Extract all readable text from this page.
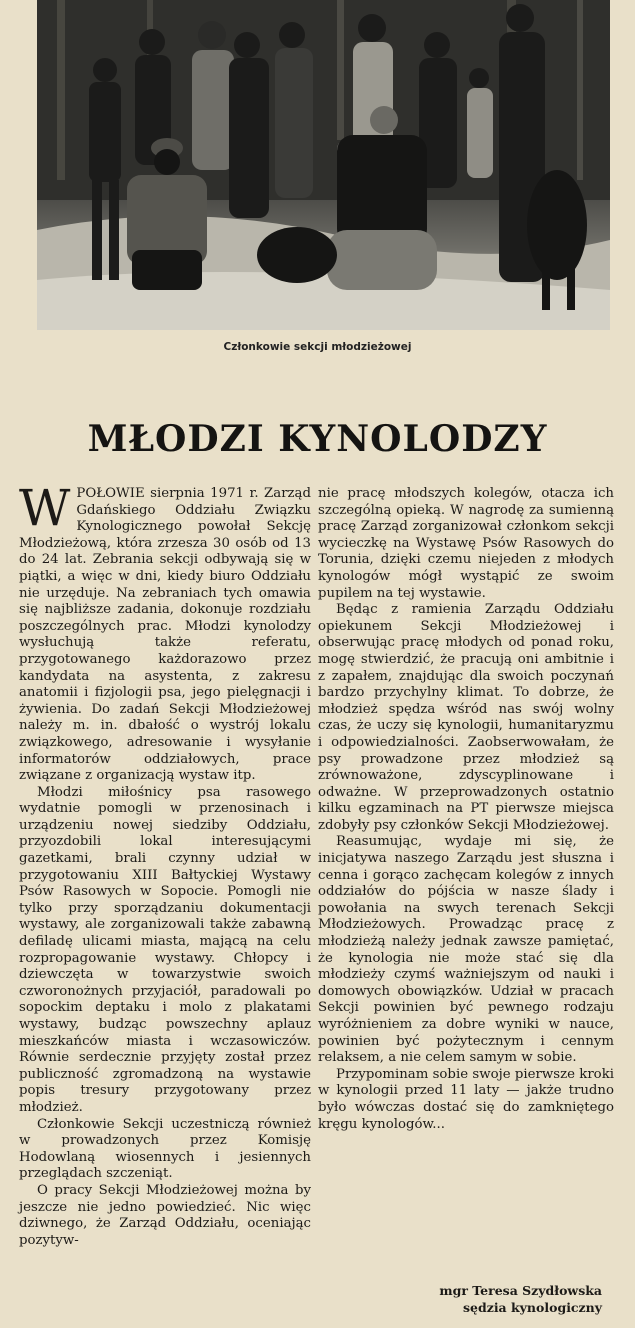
Członkowie sekcji młodzieżowej
MŁODZI KYNOLODZY

WPOŁOWIE sierpnia 1971 r. Zarząd Gdańskiego Oddziału Związku Kynologicznego powołał Sekcję Młodzieżową, która zrzesza 30 osób od 13 do 24 lat. Zebrania sekcji odbywają się w piątki, a więc w dni, kiedy biuro Oddziału nie urzęduje. Na zebraniach tych omawia się najbliższe zadania, dokonuje rozdziału poszczególnych prac. Młodzi kynolodzy wysłuchują także referatu, przygotowanego każdorazowo przez kandydata na asystenta, z zakresu anatomii i fizjologii psa, jego pielęgnacji i żywienia. Do zadań Sekcji Młodzieżowej należy m. in. dbałość o wystrój lokalu związkowego, adresowanie i wysyłanie informatorów oddziałowych, prace związane z organizacją wystaw itp.

Młodzi miłośnicy psa rasowego wydatnie pomogli w przenosinach i urządzeniu nowej siedziby Oddziału, przyozdobili lokal interesującymi gazetkami, brali czynny udział w przygotowaniu XIII Bałtyckiej Wystawy Psów Rasowych w Sopocie. Pomogli nie tylko przy sporządzaniu dokumentacji wystawy, ale zorganizowali także zabawną defiladę ulicami miasta, mającą na celu rozpropagowanie wystawy. Chłopcy i dziewczęta w towarzystwie swoich czworonożnych przyjaciół, paradowali po sopockim deptaku i molo z plakatami wystawy, budząc powszechny aplauz mieszkańców miasta i wczasowiczów. Równie serdecznie przyjęty został przez publiczność zgromadzoną na wystawie popis tresury przygotowany przez młodzież.

Członkowie Sekcji uczestniczą również w prowadzonych przez Komisję Hodowlaną wiosennych i jesiennych przeglądach szczeniąt.

O pracy Sekcji Młodzieżowej można by jeszcze nie jedno powiedzieć. Nic więc dziwnego, że Zarząd Oddziału, oceniając pozytyw-

nie pracę młodszych kolegów, otacza ich szczególną opieką. W nagrodę za sumienną pracę Zarząd zorganizował członkom sekcji wycieczkę na Wystawę Psów Rasowych do Torunia, dzięki czemu niejeden z młodych kynologów mógł wystąpić ze swoim pupilem na tej wystawie.

Będąc z ramienia Zarządu Oddziału opiekunem Sekcji Młodzieżowej i obserwując pracę młodych od ponad roku, mogę stwierdzić, że pracują oni ambitnie i z zapałem, znajdując dla swoich poczynań bardzo przychylny klimat. To dobrze, że młodzież spędza wśród nas swój wolny czas, że uczy się kynologii, humanitaryzmu i odpowiedzialności. Zaobserwowałam, że psy prowadzone przez młodzież są zrównoważone, zdyscyplinowane i odważne. W przeprowadzonych ostatnio kilku egzaminach na PT pierwsze miejsca zdobyły psy członków Sekcji Młodzieżowej.

Reasumując, wydaje mi się, że inicjatywa naszego Zarządu jest słuszna i cenna i gorąco zachęcam kolegów z innych oddziałów do pójścia w nasze ślady i powołania na swych terenach Sekcji Młodzieżowych. Prowadząc pracę z młodzieżą należy jednak zawsze pamiętać, że kynologia nie może stać się dla młodzieży czymś ważniejszym od nauki i domowych obowiązków. Udział w pracach Sekcji powinien być pewnego rodzaju wyróżnieniem za dobre wyniki w nauce, powinien być pożytecznym i cennym relaksem, a nie celem samym w sobie.

Przypominam sobie swoje pierwsze kroki w kynologii przed 11 laty — jakże trudno było wówczas dostać się do zamkniętego kręgu kynologów...

mgr Teresa Szydłowska
sędzia kynologiczny
